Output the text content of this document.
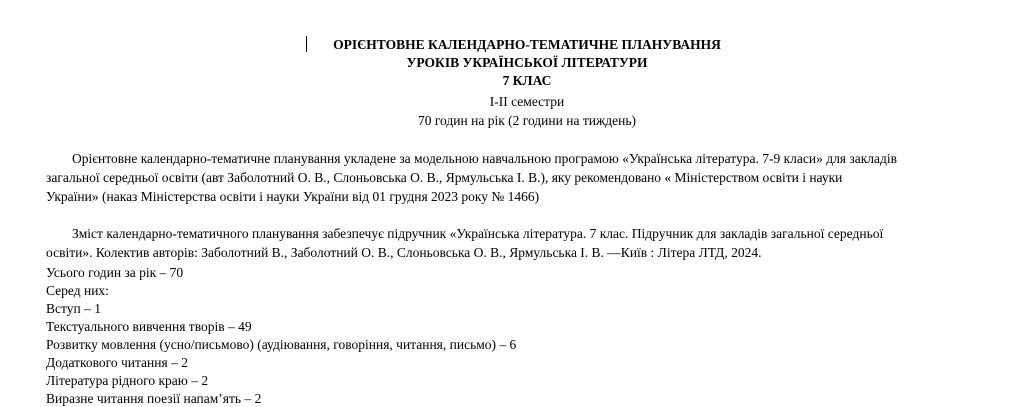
ОРІЄНТОВНЕ КАЛЕНДАРНО-ТЕМАТИЧНЕ ПЛАНУВАННЯ
УРОКІВ УКРАЇНСЬКОЇ ЛІТЕРАТУРИ
7 КЛАС
І-ІІ семестри
70 годин на рік (2 години на тиждень)
Орієнтовне календарно-тематичне планування укладене за модельною навчальною програмою «Українська література. 7-9 класи» для закладів
загальної середньої освіти (авт Заболотний О. В., Слоньовська О. В., Ярмульська І. В.), яку рекомендовано « Міністерством освіти і науки
України» (наказ Міністерства освіти і науки України від 01 грудня 2023 року № 1466)
Зміст календарно-тематичного планування забезпечує підручник «Українська література. 7 клас. Підручник для закладів загальної середньої
освіти». Колектив авторів: Заболотний В., Заболотний О. В., Слоньовська О. В., Ярмульська І. В. —Київ : Літера ЛТД, 2024.
Усього годин за рік – 70
Серед них:
Вступ – 1
Текстуального вивчення творів – 49
Розвитку мовлення (усно/письмово) (аудіювання, говоріння, читання, письмо) – 6
Додаткового читання – 2
Література рідного краю – 2
Виразне читання поезії напам’ять – 2
